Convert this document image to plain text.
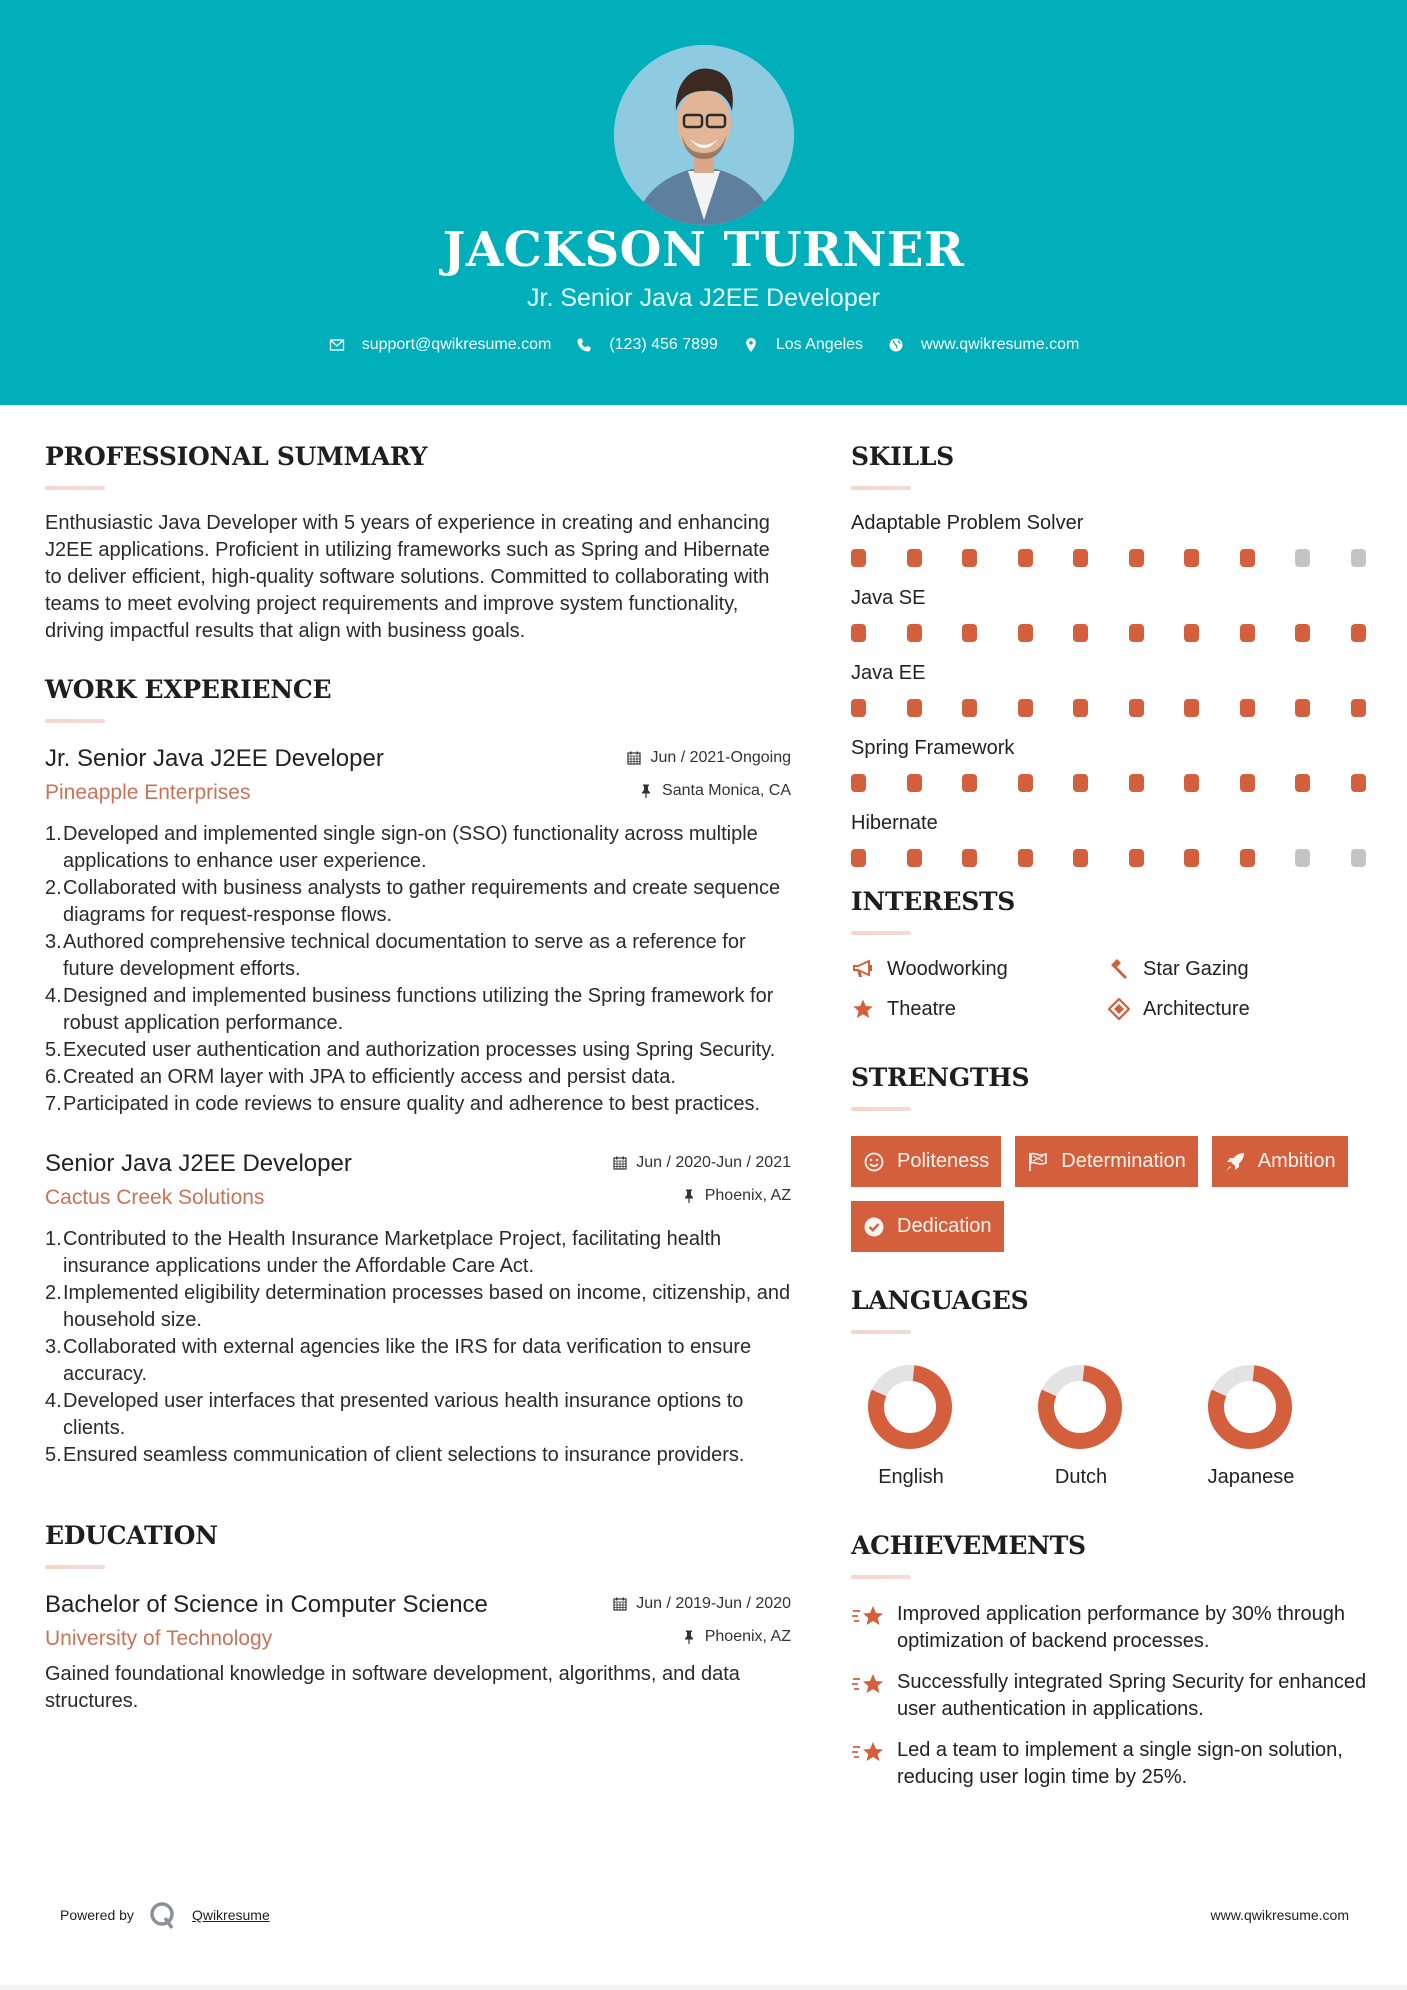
JACKSON TURNER
Jr. Senior Java J2EE Developer
support@qwikresume.com	(123) 456 7899	Los Angeles	www.qwikresume.com
PROFESSIONAL SUMMARY

Enthusiastic Java Developer with 5 years of experience in creating and enhancing J2EE applications. Proficient in utilizing frameworks such as Spring and Hibernate to deliver efficient, high-quality software solutions. Committed to collaborating with teams to meet evolving project requirements and improve system functionality, driving impactful results that align with business goals.

WORK EXPERIENCE
Jr. Senior Java J2EE Developer	Jun / 2021-Ongoing
Pineapple Enterprises	Santa Monica, CA
1. Developed and implemented single sign-on (SSO) functionality across multiple applications to enhance user experience.
2. Collaborated with business analysts to gather requirements and create sequence diagrams for request-response flows.
3. Authored comprehensive technical documentation to serve as a reference for future development efforts.
4. Designed and implemented business functions utilizing the Spring framework for robust application performance.
5. Executed user authentication and authorization processes using Spring Security.
6. Created an ORM layer with JPA to efficiently access and persist data.
7. Participated in code reviews to ensure quality and adherence to best practices.
Senior Java J2EE Developer	Jun / 2020-Jun / 2021
Cactus Creek Solutions	Phoenix, AZ
1. Contributed to the Health Insurance Marketplace Project, facilitating health insurance applications under the Affordable Care Act.
2. Implemented eligibility determination processes based on income, citizenship, and household size.
3. Collaborated with external agencies like the IRS for data verification to ensure accuracy.
4. Developed user interfaces that presented various health insurance options to clients.
5. Ensured seamless communication of client selections to insurance providers.
EDUCATION
Bachelor of Science in Computer Science	Jun / 2019-Jun / 2020
University of Technology	Phoenix, AZ

Gained foundational knowledge in software development, algorithms, and data structures.

SKILLS
Adaptable Problem Solver
Java SE
Java EE
Spring Framework
Hibernate
INTERESTS
Woodworking	Star Gazing
Theatre	Architecture
STRENGTHS
Politeness	Determination	Ambition
Dedication
LANGUAGES
English	Dutch	Japanese
ACHIEVEMENTS
Improved application performance by 30% through optimization of backend processes.
Successfully integrated Spring Security for enhanced user authentication in applications.
Led a team to implement a single sign-on solution, reducing user login time by 25%.
Powered by	Qwikresume	www.qwikresume.com
